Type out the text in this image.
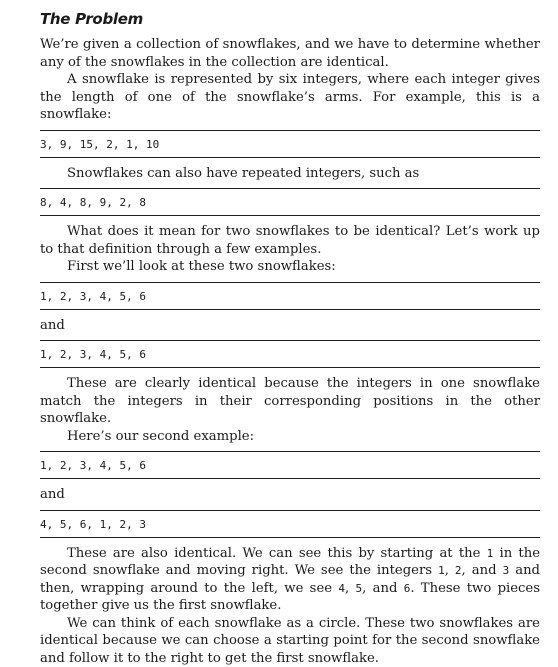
The Problem

We’re given a collection of snowflakes, and we have to determine whether any of the snowflakes in the collection are identical.

A snowflake is represented by six integers, where each integer gives the length of one of the snowflake’s arms. For example, this is a snowflake:

3, 9, 15, 2, 1, 10

Snowflakes can also have repeated integers, such as

8, 4, 8, 9, 2, 8

What does it mean for two snowflakes to be identical? Let’s work up to that definition through a few examples.

First we’ll look at these two snowflakes:

1, 2, 3, 4, 5, 6
and
1, 2, 3, 4, 5, 6

These are clearly identical because the integers in one snowflake match the integers in their corresponding positions in the other snowflake.

Here’s our second example:

1, 2, 3, 4, 5, 6
and
4, 5, 6, 1, 2, 3

These are also identical. We can see this by starting at the 1 in the second snowflake and moving right. We see the integers 1, 2, and 3 and then, wrapping around to the left, we see 4, 5, and 6. These two pieces together give us the first snowflake.

We can think of each snowflake as a circle. These two snowflakes are identical because we can choose a starting point for the second snowflake and follow it to the right to get the first snowflake.
